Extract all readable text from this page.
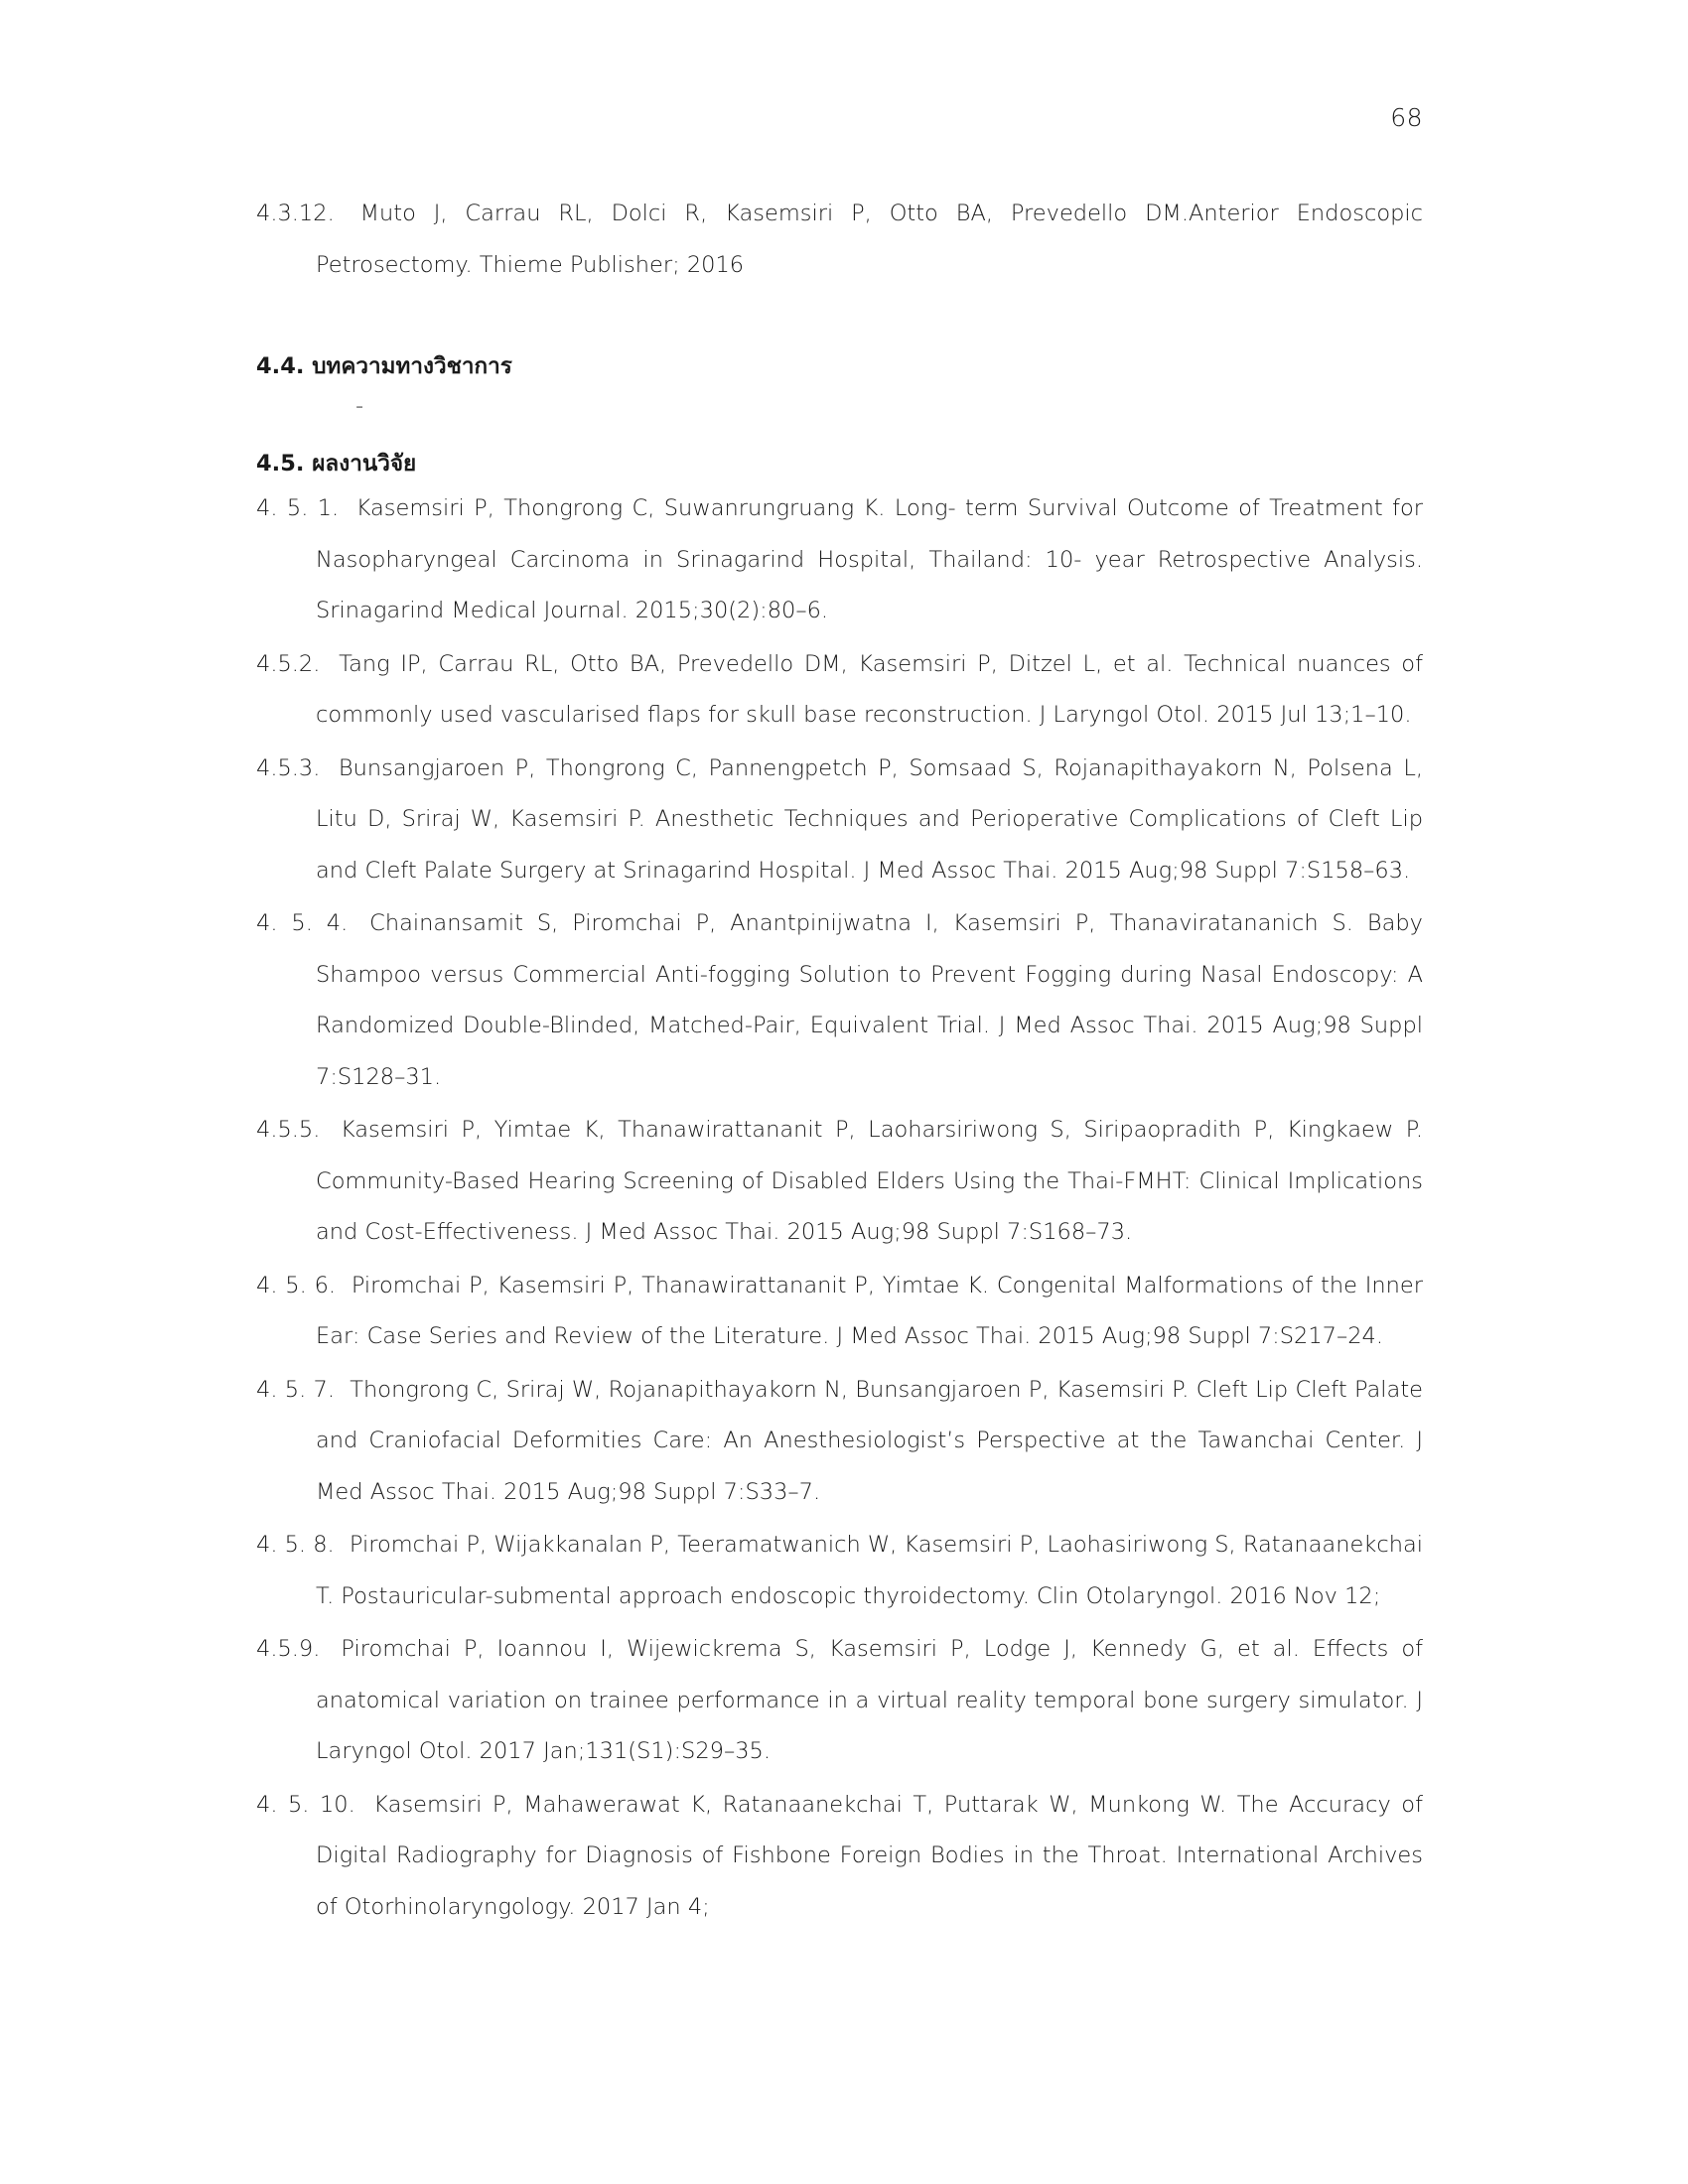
68

4.3.12. Muto J, Carrau RL, Dolci R, Kasemsiri P, Otto BA, Prevedello DM.Anterior Endoscopic Petrosectomy. Thieme Publisher; 2016

4.4. บทความทางวิชาการ
-
4.5. ผลงานวิจัย

4. 5. 1. Kasemsiri P, Thongrong C, Suwanrungruang K. Long- term Survival Outcome of Treatment for Nasopharyngeal Carcinoma in Srinagarind Hospital, Thailand: 10- year Retrospective Analysis. Srinagarind Medical Journal. 2015;30(2):80–6.

4.5.2. Tang IP, Carrau RL, Otto BA, Prevedello DM, Kasemsiri P, Ditzel L, et al. Technical nuances of commonly used vascularised flaps for skull base reconstruction. J Laryngol Otol. 2015 Jul 13;1–10.

4.5.3. Bunsangjaroen P, Thongrong C, Pannengpetch P, Somsaad S, Rojanapithayakorn N, Polsena L, Litu D, Sriraj W, Kasemsiri P. Anesthetic Techniques and Perioperative Complications of Cleft Lip and Cleft Palate Surgery at Srinagarind Hospital. J Med Assoc Thai. 2015 Aug;98 Suppl 7:S158–63.

4. 5. 4. Chainansamit S, Piromchai P, Anantpinijwatna I, Kasemsiri P, Thanaviratananich S. Baby Shampoo versus Commercial Anti-fogging Solution to Prevent Fogging during Nasal Endoscopy: A Randomized Double-Blinded, Matched-Pair, Equivalent Trial. J Med Assoc Thai. 2015 Aug;98 Suppl 7:S128–31.

4.5.5. Kasemsiri P, Yimtae K, Thanawirattananit P, Laoharsiriwong S, Siripaopradith P, Kingkaew P. Community-Based Hearing Screening of Disabled Elders Using the Thai-FMHT: Clinical Implications and Cost-Effectiveness. J Med Assoc Thai. 2015 Aug;98 Suppl 7:S168–73.

4. 5. 6. Piromchai P, Kasemsiri P, Thanawirattananit P, Yimtae K. Congenital Malformations of the Inner Ear: Case Series and Review of the Literature. J Med Assoc Thai. 2015 Aug;98 Suppl 7:S217–24.

4. 5. 7. Thongrong C, Sriraj W, Rojanapithayakorn N, Bunsangjaroen P, Kasemsiri P. Cleft Lip Cleft Palate and Craniofacial Deformities Care: An Anesthesiologist’s Perspective at the Tawanchai Center. J Med Assoc Thai. 2015 Aug;98 Suppl 7:S33–7.

4. 5. 8. Piromchai P, Wijakkanalan P, Teeramatwanich W, Kasemsiri P, Laohasiriwong S, Ratanaanekchai T. Postauricular-submental approach endoscopic thyroidectomy. Clin Otolaryngol. 2016 Nov 12;

4.5.9. Piromchai P, Ioannou I, Wijewickrema S, Kasemsiri P, Lodge J, Kennedy G, et al. Effects of anatomical variation on trainee performance in a virtual reality temporal bone surgery simulator. J Laryngol Otol. 2017 Jan;131(S1):S29–35.

4. 5. 10. Kasemsiri P, Mahawerawat K, Ratanaanekchai T, Puttarak W, Munkong W. The Accuracy of Digital Radiography for Diagnosis of Fishbone Foreign Bodies in the Throat. International Archives of Otorhinolaryngology. 2017 Jan 4;
